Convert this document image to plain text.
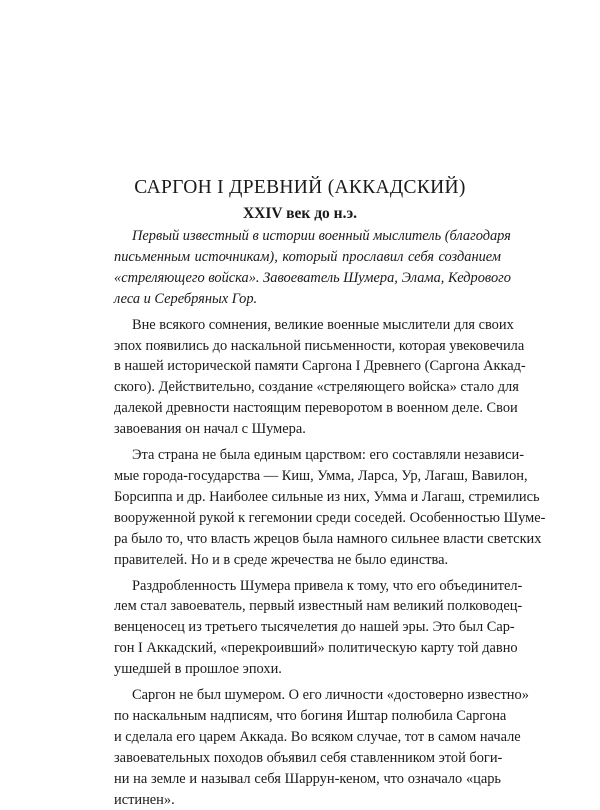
САРГОН I ДРЕВНИЙ (АККАДСКИЙ)
XXIV век до н.э.
Первый известный в истории военный мыслитель (благодаря
письменным источникам), который прославил себя созданием
«стреляющего войска». Завоеватель Шумера, Элама, Кедрового
леса и Серебряных Гор.
Вне всякого сомнения, великие военные мыслители для своих
эпох появились до наскальной письменности, которая увековечила
в нашей исторической памяти Саргона I Древнего (Саргона Аккад-
ского). Действительно, создание «стреляющего войска» стало для
далекой древности настоящим переворотом в военном деле. Свои
завоевания он начал с Шумера.
Эта страна не была единым царством: его составляли независи-
мые города-государства — Киш, Умма, Ларса, Ур, Лагаш, Вавилон,
Борсиппа и др. Наиболее сильные из них, Умма и Лагаш, стремились
вооруженной рукой к гегемонии среди соседей. Особенностью Шуме-
ра было то, что власть жрецов была намного сильнее власти светских
правителей. Но и в среде жречества не было единства.
Раздробленность Шумера привела к тому, что его объединител-
лем стал завоеватель, первый известный нам великий полководец-
венценосец из третьего тысячелетия до нашей эры. Это был Сар-
гон I Аккадский, «перекроивший» политическую карту той давно
ушедшей в прошлое эпохи.
Саргон не был шумером. О его личности «достоверно известно»
по наскальным надписям, что богиня Иштар полюбила Саргона
и сделала его царем Аккада. Во всяком случае, тот в самом начале
завоевательных походов объявил себя ставленником этой боги-
ни на земле и называл себя Шаррун-кеном, что означало «царь
истинен».
